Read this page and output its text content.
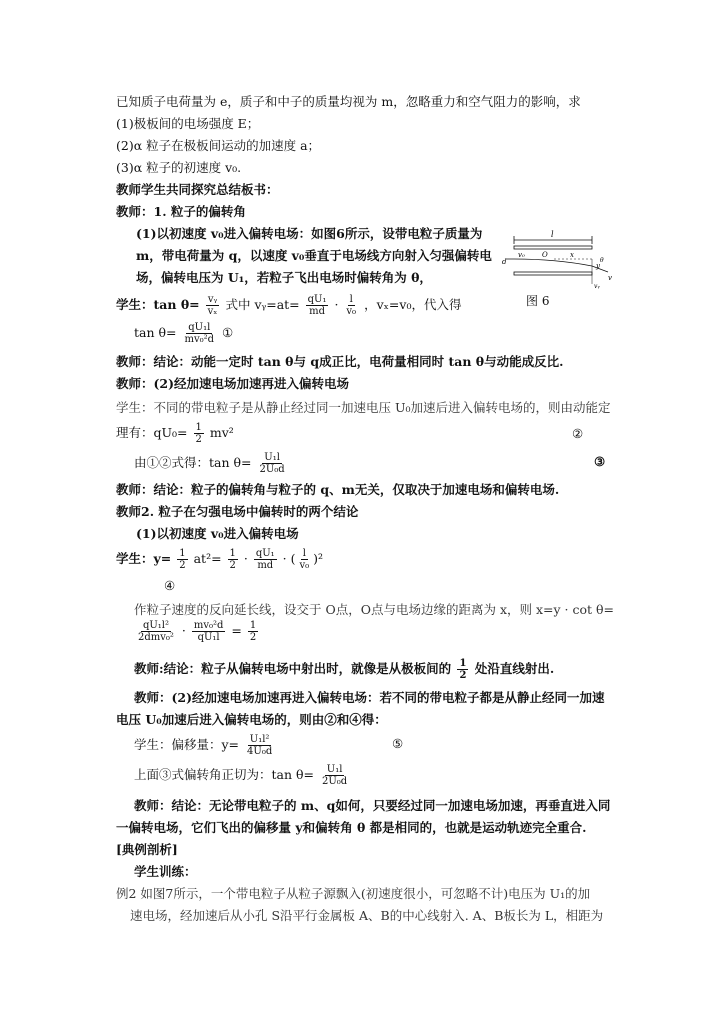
已知质子电荷量为 e，质子和中子的质量均视为 m，忽略重力和空气阻力的影响，求
(1)极板间的电场强度 E；
(2)α 粒子在极板间运动的加速度 a；
(3)α 粒子的初速度 v₀.
教师学生共同探究总结板书：
教师：1. 粒子的偏转角
(1)以初速度 v₀进入偏转电场：如图6所示，设带电粒子质量为
m，带电荷量为 q，以速度 v₀垂直于电场线方向射入匀强偏转电
场，偏转电压为 U₁，若粒子飞出电场时偏转角为 θ，
l
v₀ O	x
y
d	θ
vᵧ
v
图 6
学生：$\tan \theta= \frac{\text{vᵧ}}{\text{vₓ}}$ 式中 vᵧ=at= $\frac{\text{qU₁}}{md} \cdot \frac{l}{\text{v₀}}$ ，vₓ=v₀，代入得
$\tan \theta= \frac{\text{qU₁l}}{\text{mv₀²d}}$ ①
教师：结论：动能一定时 tan θ与 q成正比，电荷量相同时 tan θ与动能成反比.
教师：(2)经加速电场加速再进入偏转电场
学生：不同的带电粒子是从静止经过同一加速电压 U₀加速后进入偏转电场的，则由动能定
理有：$qU_0= \frac{1}{2} mv^2$	②
由①②式得：$\tan \theta= \frac{\text{U₁l}}{\text{2U₀d}}$	③
教师：结论：粒子的偏转角与粒子的 q、m无关，仅取决于加速电场和偏转电场.
教师2. 粒子在匀强电场中偏转时的两个结论
(1)以初速度 v₀进入偏转电场
学生：$y= \frac{1}{2} at^2= \frac{1}{2} \cdot \frac{\text{qU₁}}{md}$ · ( $\frac{l}{\text{v₀}} )^2$
④
作粒子速度的反向延长线，设交于 O点，O点与电场边缘的距离为 x，则 x=y · cot θ=
$\frac{\text{qU₁l²}}{\text{2dmv₀²}} \cdot \frac{\text{mv₀²d}}{\text{qU₁l}} = \frac{1}{2}$
教师:结论：粒子从偏转电场中射出时，就像是从极板间的 $\frac{1}{2}$ 处沿直线射出.
教师：(2)经加速电场加速再进入偏转电场：若不同的带电粒子都是从静止经同一加速
电压 U₀加速后进入偏转电场的，则由②和④得：
学生：偏移量：$y= \frac{\text{U₁l²}}{\text{4U₀d}}$	⑤
上面③式偏转角正切为：$\tan \theta= \frac{\text{U₁l}}{\text{2U₀d}}$
教师：结论：无论带电粒子的 m、q如何，只要经过同一加速电场加速，再垂直进入同
一偏转电场，它们飞出的偏移量 y和偏转角 θ 都是相同的，也就是运动轨迹完全重合.
[典例剖析]
学生训练：
例2 如图7所示，一个带电粒子从粒子源飘入(初速度很小，可忽略不计)电压为 U₁的加
速电场，经加速后从小孔 S沿平行金属板 A、B的中心线射入. A、B板长为 L，相距为
